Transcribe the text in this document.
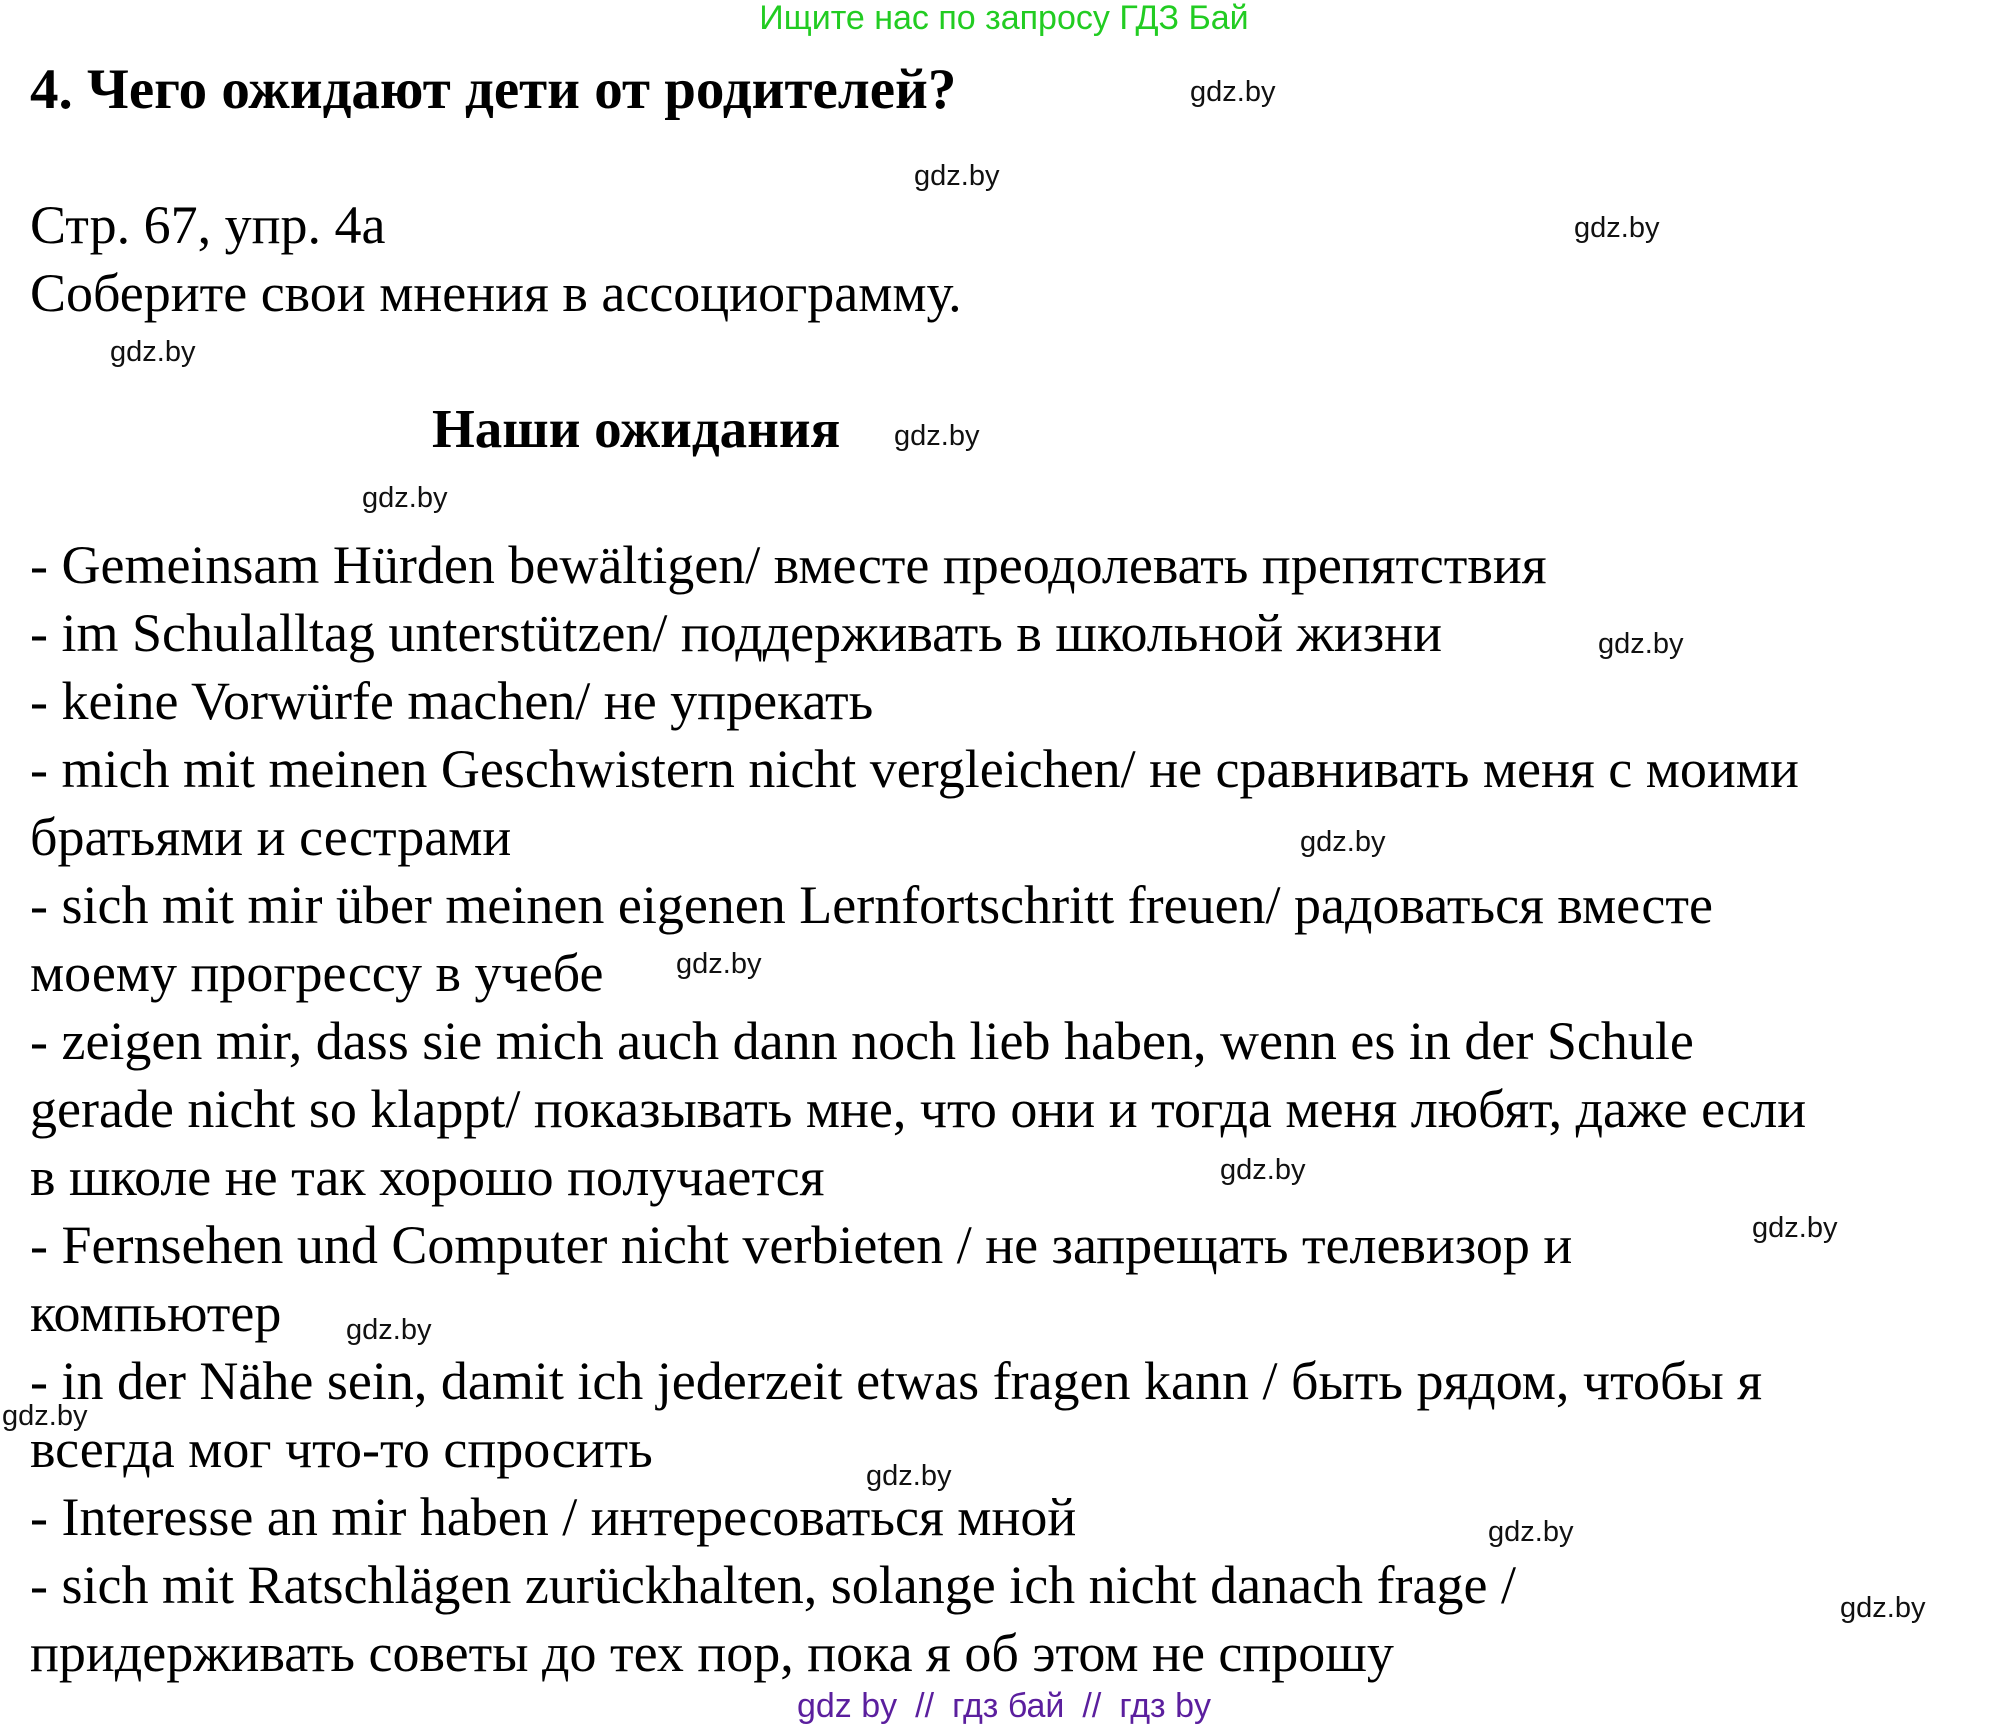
Ищите нас по запросу ГДЗ Бай
4. Чего ожидают дети от родителей?
Стр. 67, упр. 4а
Соберите свои мнения в ассоциограмму.
Наши ожидания
- Gemeinsam Hürden bewältigen/ вместе преодолевать препятствия
- im Schulalltag unterstützen/ поддерживать в школьной жизни
- keine Vorwürfe machen/ не упрекать
- mich mit meinen Geschwistern nicht vergleichen/ не сравнивать меня с моими
братьями и сестрами
- sich mit mir über meinen eigenen Lernfortschritt freuen/ радоваться вместе
моему прогрессу в учебе
- zeigen mir, dass sie mich auch dann noch lieb haben, wenn es in der Schule
gerade nicht so klappt/ показывать мне, что они и тогда меня любят, даже если
в школе не так хорошо получается
- Fernsehen und Computer nicht verbieten / не запрещать телевизор и
компьютер
- in der Nähe sein, damit ich jederzeit etwas fragen kann / быть рядом, чтобы я
всегда мог что-то спросить
- Interesse an mir haben / интересоваться мной
- sich mit Ratschlägen zurückhalten, solange ich nicht danach frage /
придерживать советы до тех пор, пока я об этом не спрошу
gdz.by
gdz.by
gdz.by
gdz.by
gdz.by
gdz.by
gdz.by
gdz.by
gdz.by
gdz.by
gdz.by
gdz.by
gdz.by
gdz.by
gdz.by
gdz.by
gdz by // гдз бай // гдз by
